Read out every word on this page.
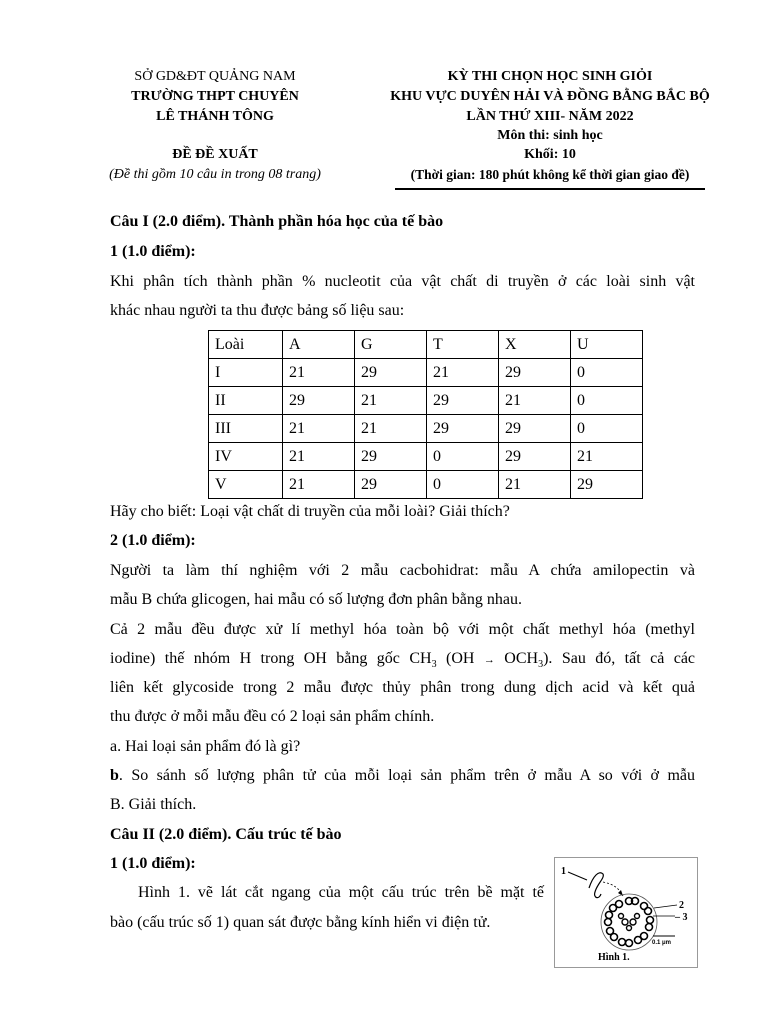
SỞ GD&ĐT QUẢNG NAM
TRƯỜNG THPT CHUYÊN
LÊ THÁNH TÔNG
ĐỀ ĐỀ XUẤT
(Đề thi gồm 10 câu in trong 08 trang)
KỲ THI CHỌN HỌC SINH GIỎI
KHU VỰC DUYÊN HẢI VÀ ĐỒNG BẰNG BẮC BỘ
LẦN THỨ XIII- NĂM 2022
Môn thi: sinh học
Khối: 10
(Thời gian: 180 phút không kể thời gian giao đề)
Câu I (2.0 điểm). Thành phần hóa học của tế bào
1 (1.0 điểm):
Khi phân tích thành phần % nucleotit của vật chất di truyền ở các loài sinh vật
khác nhau người ta thu được bảng số liệu sau:
Loài	A	G	T	X	U
I	21	29	21	29	0
II	29	21	29	21	0
III	21	21	29	29	0
IV	21	29	0	29	21
V	21	29	0	21	29
Hãy cho biết: Loại vật chất di truyền của mỗi loài? Giải thích?
2 (1.0 điểm):
Người ta làm thí nghiệm với 2 mẫu cacbohidrat: mẫu A chứa amilopectin và
mẫu B chứa glicogen, hai mẫu có số lượng đơn phân bằng nhau.
Cả 2 mẫu đều được xử lí methyl hóa toàn bộ với một chất methyl hóa (methyl
iodine) thế nhóm H trong OH bằng gốc $CH_3$ $(OH \to OCH_3)$. Sau đó, tất cả các
liên kết glycoside trong 2 mẫu được thủy phân trong dung dịch acid và kết quả
thu được ở mỗi mẫu đều có 2 loại sản phẩm chính.
a. Hai loại sản phẩm đó là gì?
b. So sánh số lượng phân tử của mỗi loại sản phẩm trên ở mẫu A so với ở mẫu
B. Giải thích.
Câu II (2.0 điểm). Cấu trúc tế bào
1 (1.0 điểm):
Hình 1. vẽ lát cắt ngang của một cấu trúc trên bề mặt tế
bào (cấu trúc số 1) quan sát được bằng kính hiển vi điện tử.
1
2
– 3
0.1 μm
Hình 1.
